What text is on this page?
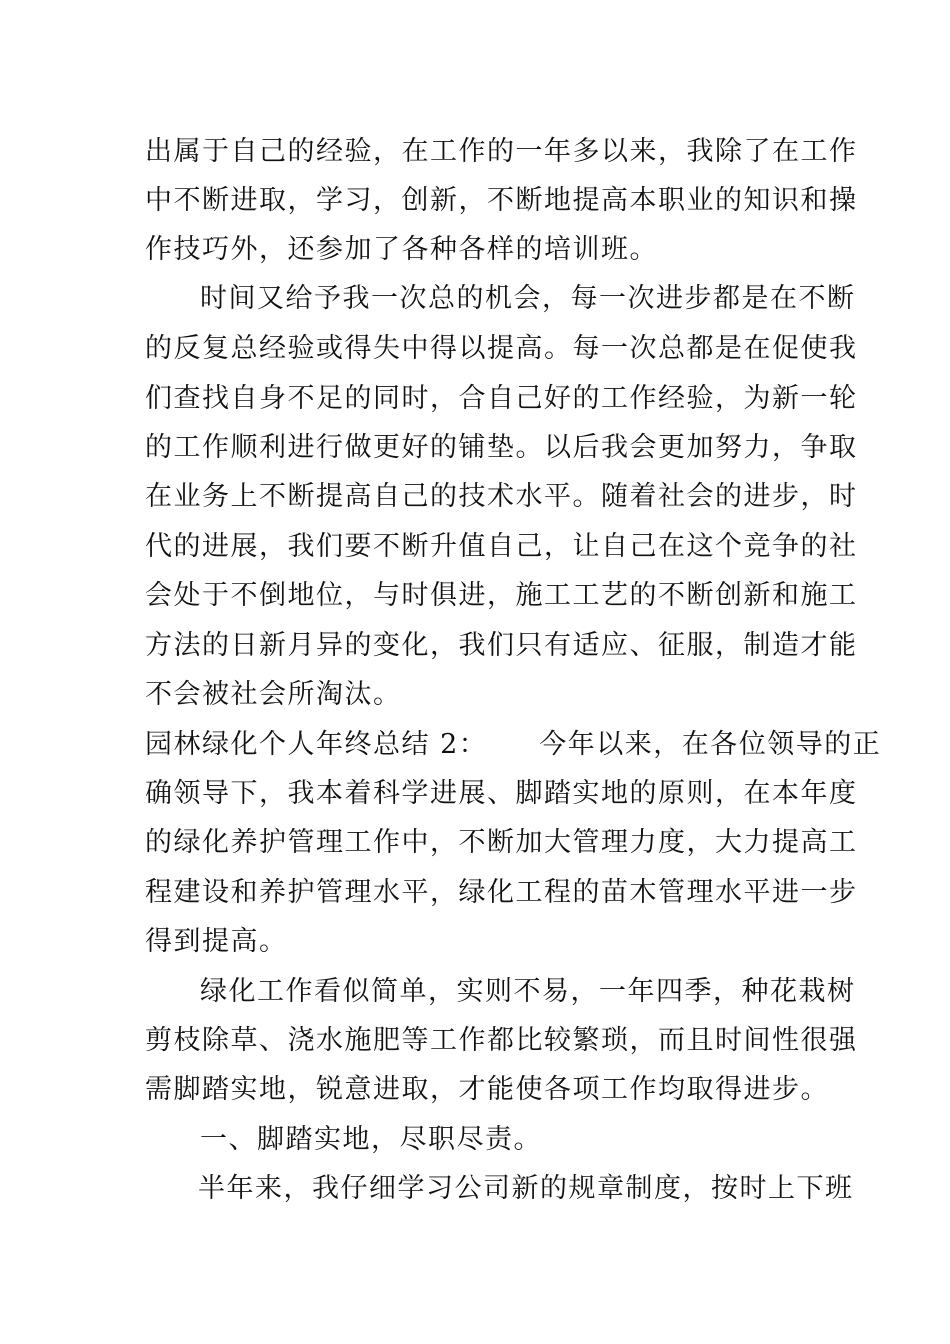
出属于自己的经验，在工作的一年多以来，我除了在工作
中不断进取，学习，创新，不断地提高本职业的知识和操
作技巧外，还参加了各种各样的培训班。
时间又给予我一次总的机会，每一次进步都是在不断
的反复总经验或得失中得以提高。每一次总都是在促使我
们查找自身不足的同时，合自己好的工作经验，为新一轮
的工作顺利进行做更好的铺垫。以后我会更加努力，争取
在业务上不断提高自己的技术水平。随着社会的进步，时
代的进展，我们要不断升值自己，让自己在这个竞争的社
会处于不倒地位，与时俱进，施工工艺的不断创新和施工
方法的日新月异的变化，我们只有适应、征服，制造才能
不会被社会所淘汰。
园林绿化个人年终总结 2： 今年以来，在各位领导的正
确领导下，我本着科学进展、脚踏实地的原则，在本年度
的绿化养护管理工作中，不断加大管理力度，大力提高工
程建设和养护管理水平，绿化工程的苗木管理水平进一步
得到提高。
绿化工作看似简单，实则不易，一年四季，种花栽树
剪枝除草、浇水施肥等工作都比较繁琐，而且时间性很强
需脚踏实地，锐意进取，才能使各项工作均取得进步。
一、脚踏实地，尽职尽责。
半年来，我仔细学习公司新的规章制度，按时上下班
